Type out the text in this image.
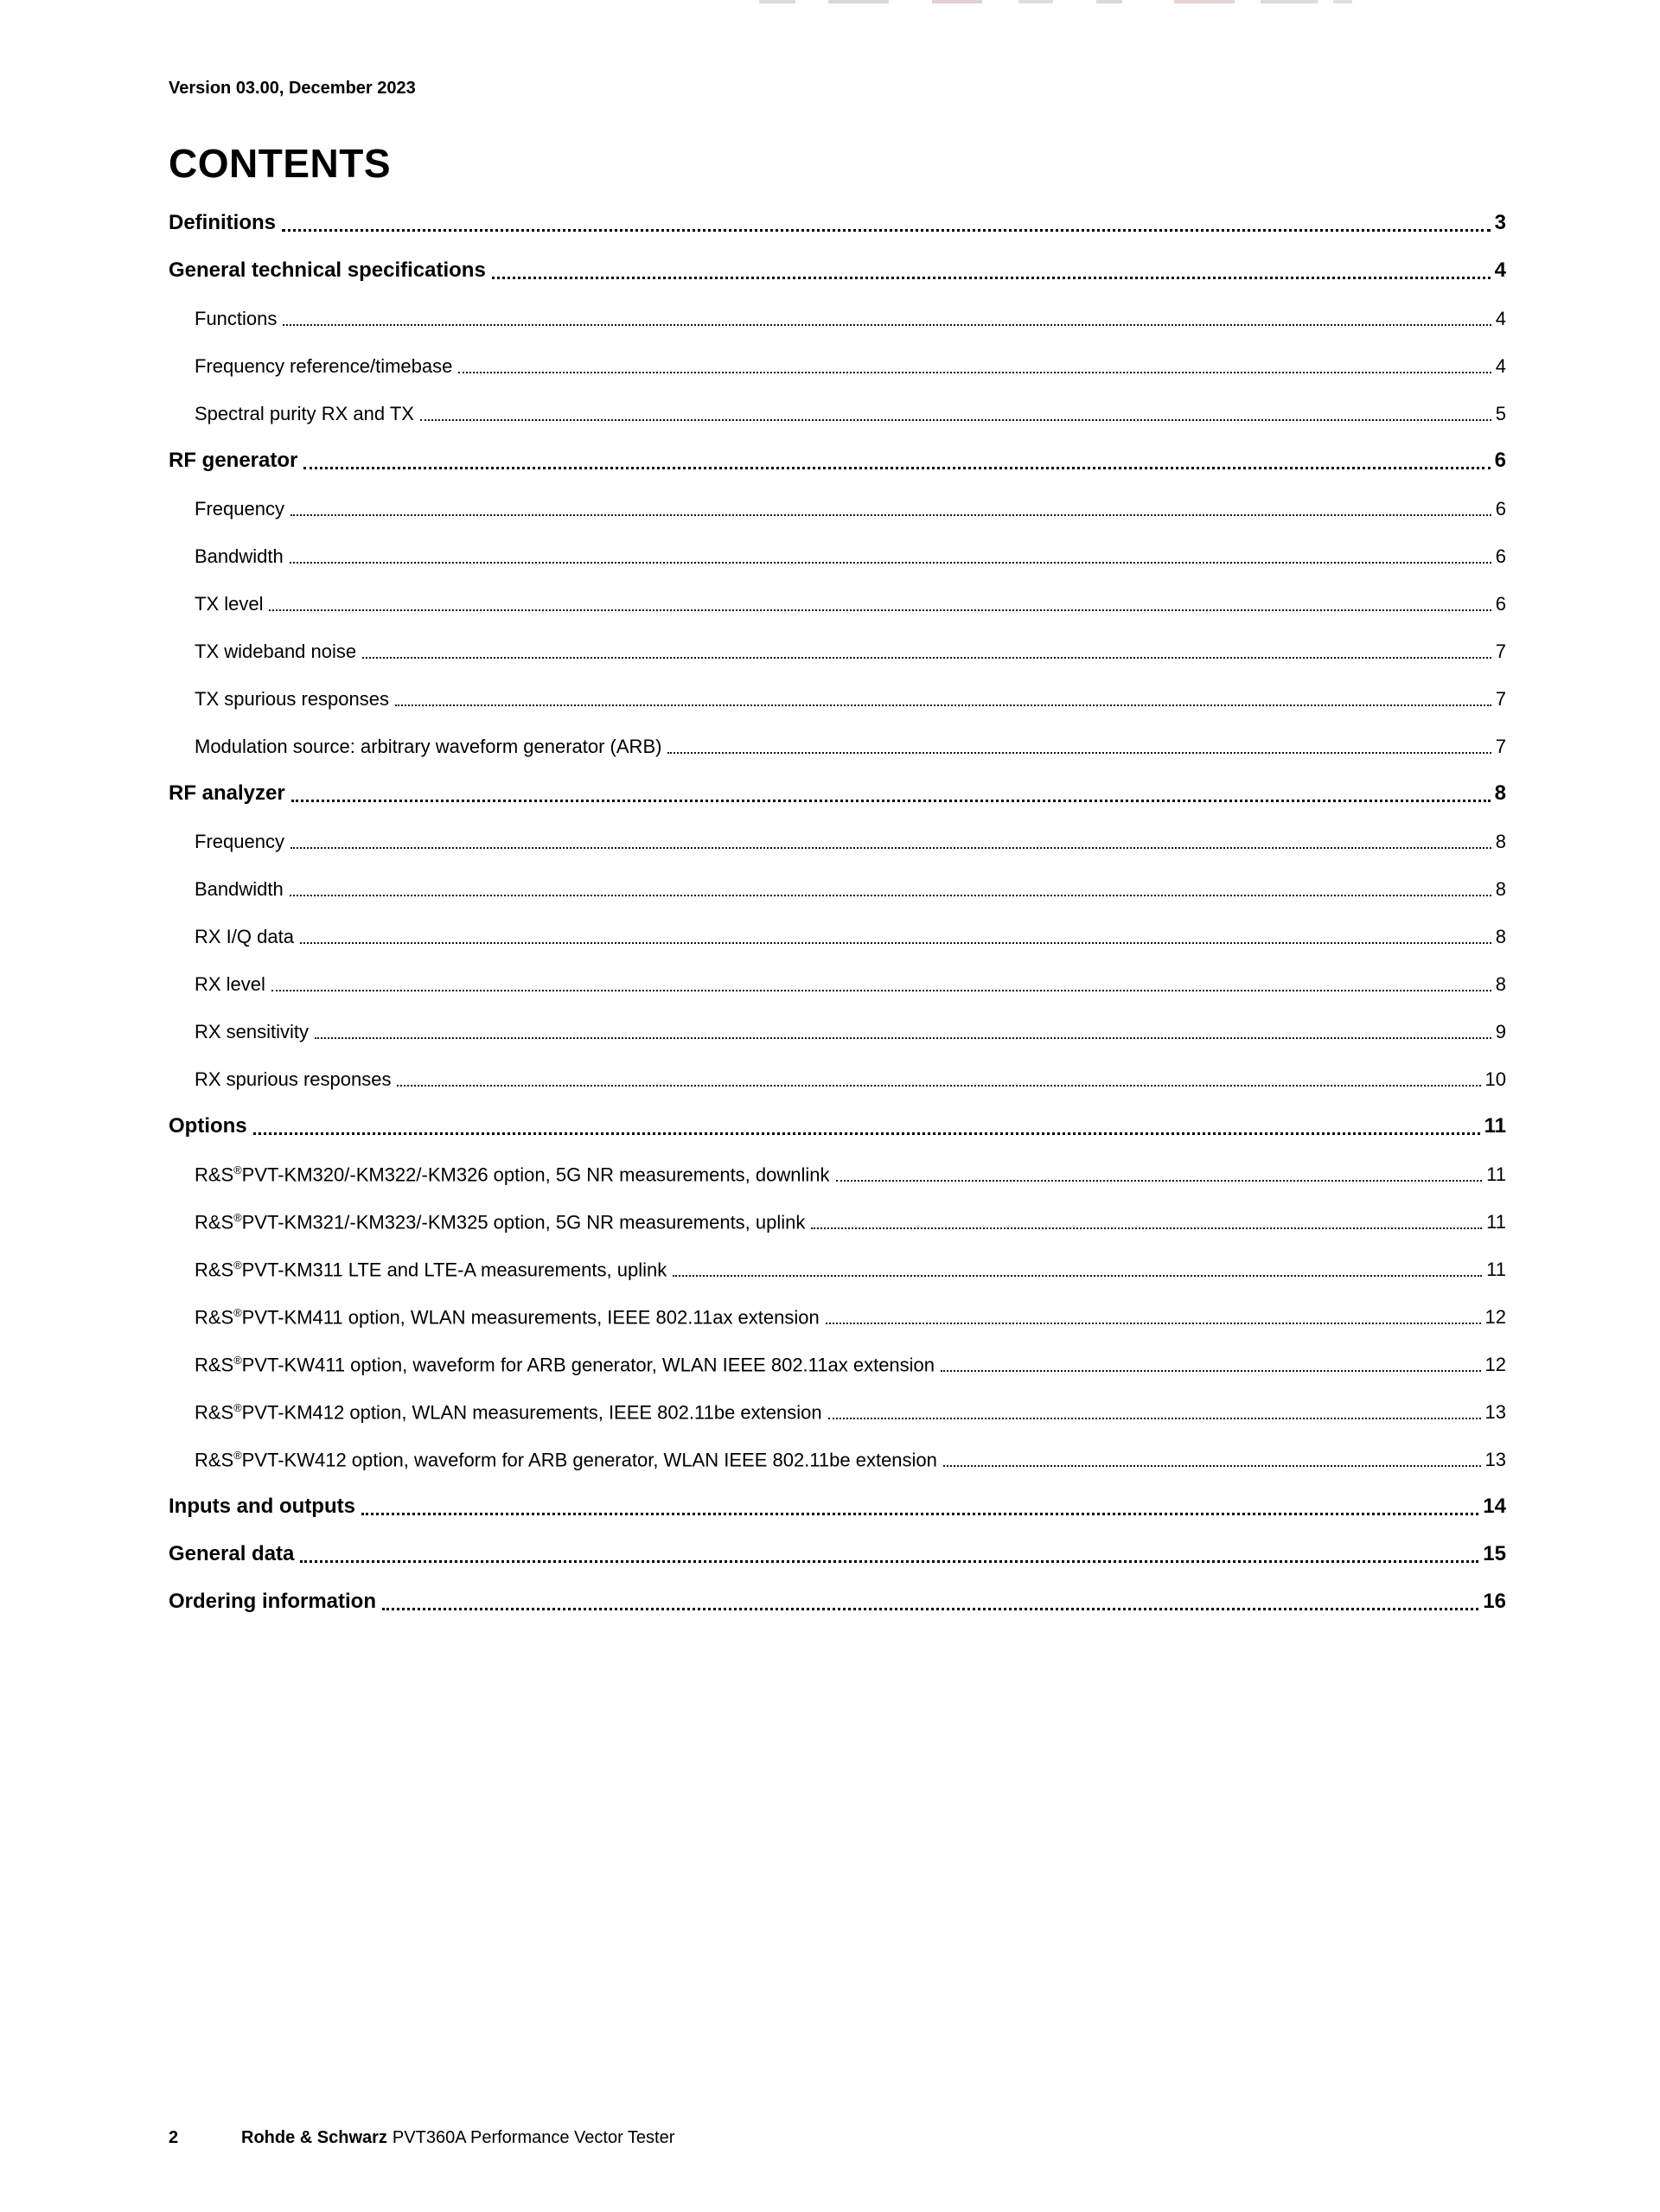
Version 03.00, December 2023
CONTENTS
Definitions	3
General technical specifications	4
Functions	4
Frequency reference/timebase	4
Spectral purity RX and TX	5
RF generator	6
Frequency	6
Bandwidth	6
TX level	6
TX wideband noise	7
TX spurious responses	7
Modulation source: arbitrary waveform generator (ARB)	7
RF analyzer	8
Frequency	8
Bandwidth	8
RX I/Q data	8
RX level	8
RX sensitivity	9
RX spurious responses	10
Options	11
R&S®PVT-KM320/-KM322/-KM326 option, 5G NR measurements, downlink	11
R&S®PVT-KM321/-KM323/-KM325 option, 5G NR measurements, uplink	11
R&S®PVT-KM311 LTE and LTE-A measurements, uplink	11
R&S®PVT-KM411 option, WLAN measurements, IEEE 802.11ax extension	12
R&S®PVT-KW411 option, waveform for ARB generator, WLAN IEEE 802.11ax extension	12
R&S®PVT-KM412 option, WLAN measurements, IEEE 802.11be extension	13
R&S®PVT-KW412 option, waveform for ARB generator, WLAN IEEE 802.11be extension	13
Inputs and outputs	14
General data	15
Ordering information	16
2	Rohde & Schwarz PVT360A Performance Vector Tester
